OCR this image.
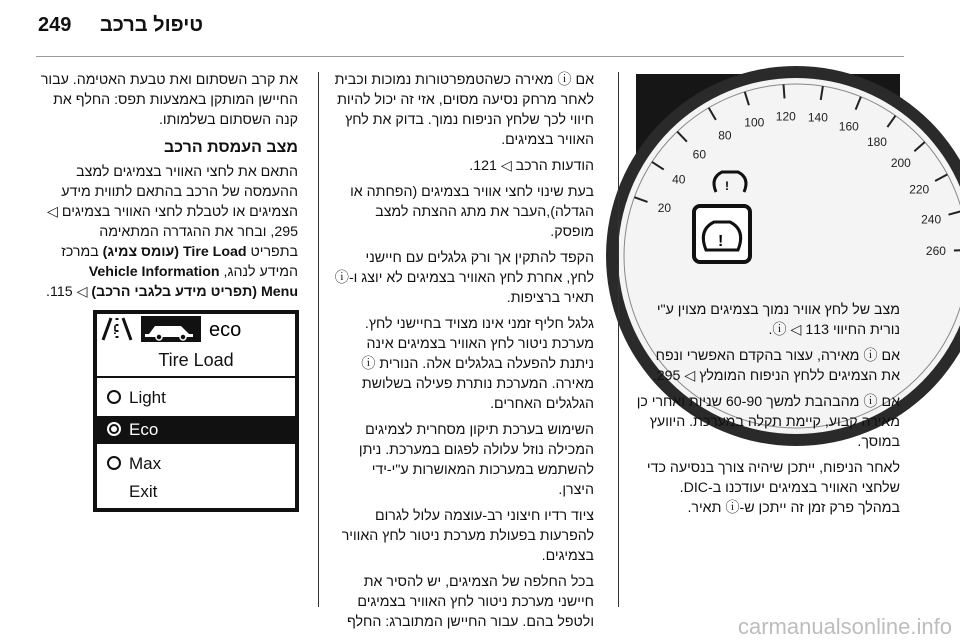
249 טיפול ברכב
20
40
60
80
100 120 140
160
180
200
220
240
260
!
!

מצב של לחץ אוויר נמוך בצמיגים מצוין ע"י נורית החיווי ⓘ ◁ 113.

אם ⓘ מאירה, עצור בהקדם האפשרי ונפח את הצמיגים ללחץ הניפוח המומלץ ◁ 295.

אם ⓘ מהבהבת למשך 60-90 שניות ואחרי כן מאירה קבוע, קיימת תקלה במערכת. היוועץ במוסך.

לאחר הניפוח, ייתכן שיהיה צורך בנסיעה כדי שלחצי האוויר בצמיגים יעודכנו ב-DIC. במהלך פרק זמן זה ייתכן ש-ⓘ תאיר.

אם ⓘ מאירה כשהטמפרטורות נמוכות וכבית לאחר מרחק נסיעה מסוים, אזי זה יכול להיות חיווי לכך שלחץ הניפוח נמוך. בדוק את לחץ האוויר בצמיגים.

הודעות הרכב ◁ 121.

בעת שינוי לחצי אוויר בצמיגים (הפחתה או הגדלה),העבר את מתג ההצתה למצב מופסק.

הקפד להתקין אך ורק גלגלים עם חיישני לחץ, אחרת לחץ האוויר בצמיגים לא יוצג ו-ⓘ תאיר ברציפות.

גלגל חליף זמני אינו מצויד בחיישני לחץ. מערכת ניטור לחץ האוויר בצמיגים אינה ניתנת להפעלה בגלגלים אלה. הנורית ⓘ מאירה. המערכת נותרת פעילה בשלושת הגלגלים האחרים.

השימוש בערכת תיקון מסחרית לצמיגים המכילה נוזל עלולה לפגום במערכת. ניתן להשתמש במערכות המאושרות ע"י-ידי היצרן.

ציוד רדיו חיצוני רב-עוצמה עלול לגרום להפרעות בפעולת מערכת ניטור לחץ האוויר בצמיגים.

בכל החלפה של הצמיגים, יש להסיר את חיישני מערכת ניטור לחץ האוויר בצמיגים ולטפל בהם. עבור החיישן המתוברג: החלף

את קרב השסתום ואת טבעת האטימה. עבור החיישן המותקן באמצעות תפס: החלף את קנה השסתום בשלמותו.

מצב העמסת הרכב

התאם את לחצי האוויר בצמיגים למצב ההעמסה של הרכב בהתאם לתווית מידע הצמיגים או לטבלת לחצי האוויר בצמיגים ◁ 295, ובחר את ההגדרה המתאימה

בתפריט Tire Load (עומס צמיג) במרכז
המידע לנהג, Vehicle Information
Menu (תפריט מידע בלגבי הרכב) ◁ 115.
!	eco
Tire Load
Light
Eco
Max
Exit
carmanualsonline.info
